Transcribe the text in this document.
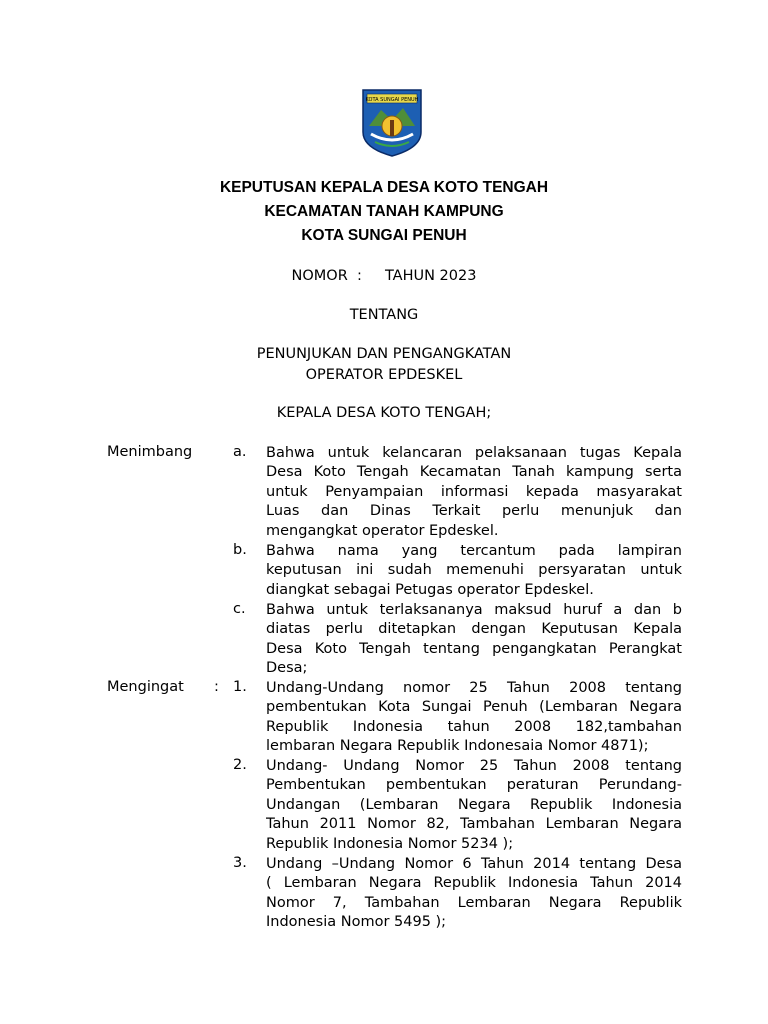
KOTA SUNGAI PENUH
KEPUTUSAN KEPALA DESA KOTO TENGAH
KECAMATAN TANAH KAMPUNG
KOTA SUNGAI PENUH
NOMOR  :     TAHUN 2023
TENTANG
PENUNJUKAN DAN PENGANGKATAN
OPERATOR EPDESKEL
KEPALA DESA KOTO TENGAH;
Menimbang	a. Bahwa untuk kelancaran pelaksanaan tugas Kepala
Desa Koto Tengah Kecamatan Tanah kampung serta
untuk Penyampaian informasi kepada masyarakat
Luas dan Dinas Terkait perlu menunjuk dan
mengangkat operator Epdeskel.
b. Bahwa nama yang tercantum pada lampiran
keputusan ini sudah memenuhi persyaratan untuk
diangkat sebagai Petugas operator Epdeskel.
c. Bahwa untuk terlaksananya maksud huruf a dan b
diatas perlu ditetapkan dengan Keputusan Kepala
Desa Koto Tengah tentang pengangkatan Perangkat
Desa;
Mengingat : 1. Undang-Undang nomor 25 Tahun 2008 tentang
pembentukan Kota Sungai Penuh (Lembaran Negara
Republik Indonesia tahun 2008 182,tambahan
lembaran Negara Republik Indonesaia Nomor 4871);
2. Undang- Undang Nomor 25 Tahun 2008 tentang
Pembentukan pembentukan peraturan Perundang-
Undangan (Lembaran Negara Republik Indonesia
Tahun 2011 Nomor 82, Tambahan Lembaran Negara
Republik Indonesia Nomor 5234 );
3. Undang –Undang Nomor 6 Tahun 2014 tentang Desa
( Lembaran Negara Republik Indonesia Tahun 2014
Nomor 7, Tambahan Lembaran Negara Republik
Indonesia Nomor 5495 );
